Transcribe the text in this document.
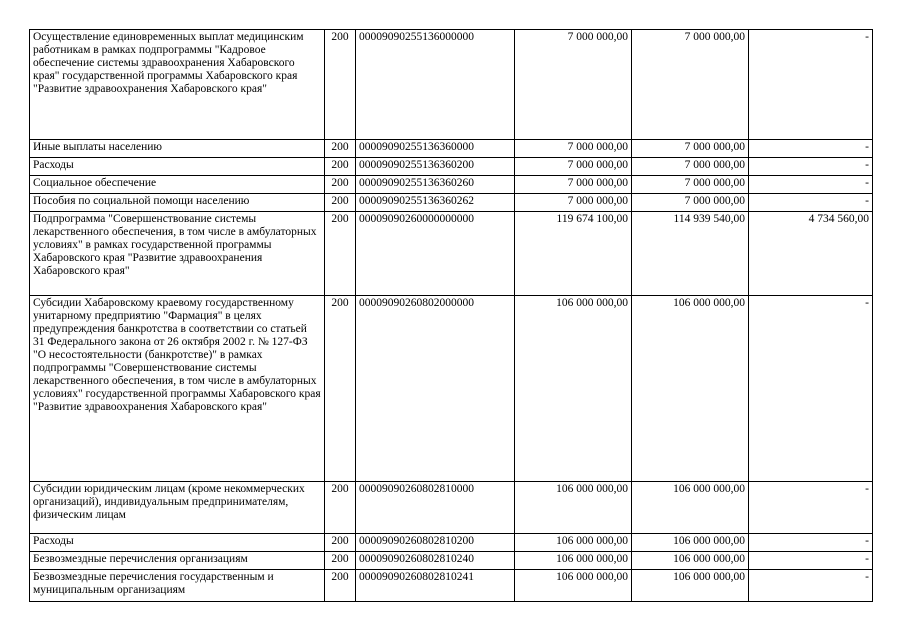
Осуществление единовременных выплат медицинским работникам в рамках подпрограммы "Кадровое обеспечение системы здравоохранения Хабаровского края" государственной программы Хабаровского края "Развитие здравоохранения Хабаровского края"	200	00009090255136000000	7 000 000,00	7 000 000,00	-
Иные выплаты населению	200	00009090255136360000	7 000 000,00	7 000 000,00	-
Расходы	200	00009090255136360200	7 000 000,00	7 000 000,00	-
Социальное обеспечение	200	00009090255136360260	7 000 000,00	7 000 000,00	-
Пособия по социальной помощи населению	200	00009090255136360262	7 000 000,00	7 000 000,00	-
Подпрограмма "Совершенствование системы лекарственного обеспечения, в том числе в амбулаторных условиях" в рамках государственной программы Хабаровского края "Развитие здравоохранения Хабаровского края"	200	00009090260000000000	119 674 100,00	114 939 540,00	4 734 560,00
Субсидии Хабаровскому краевому государственному унитарному предприятию "Фармация" в целях предупреждения банкротства в соответствии со статьей 31 Федерального закона от 26 октября 2002 г. № 127-ФЗ "О несостоятельности (банкротстве)" в рамках подпрограммы "Совершенствование системы лекарственного обеспечения, в том числе в амбулаторных условиях" государственной программы Хабаровского края "Развитие здравоохранения Хабаровского края"	200	00009090260802000000	106 000 000,00	106 000 000,00	-
Субсидии юридическим лицам (кроме некоммерческих организаций), индивидуальным предпринимателям, физическим лицам	200	00009090260802810000	106 000 000,00	106 000 000,00	-
Расходы	200	00009090260802810200	106 000 000,00	106 000 000,00	-
Безвозмездные перечисления организациям	200	00009090260802810240	106 000 000,00	106 000 000,00	-
Безвозмездные перечисления государственным и муниципальным организациям	200	00009090260802810241	106 000 000,00	106 000 000,00	-
